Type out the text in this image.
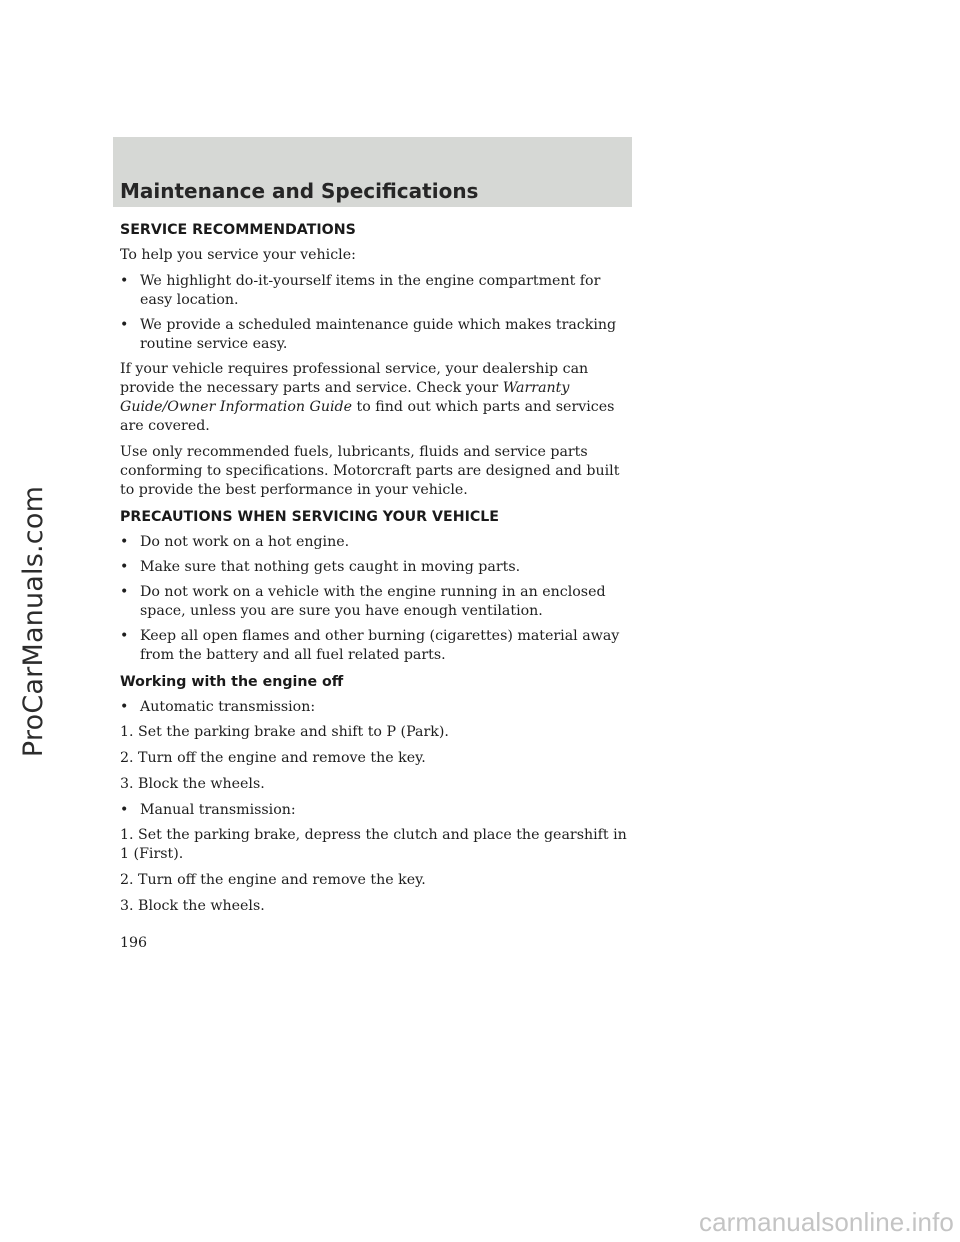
ProCarManuals.com
Maintenance and Specifications
SERVICE RECOMMENDATIONS

To help you service your vehicle:

• We highlight do-it-yourself items in the engine compartment for easy location.
• We provide a scheduled maintenance guide which makes tracking routine service easy.

If your vehicle requires professional service, your dealership can provide the necessary parts and service. Check your Warranty Guide/Owner Information Guide to find out which parts and services are covered.

Use only recommended fuels, lubricants, fluids and service parts conforming to specifications. Motorcraft parts are designed and built to provide the best performance in your vehicle.

PRECAUTIONS WHEN SERVICING YOUR VEHICLE
• Do not work on a hot engine.
• Make sure that nothing gets caught in moving parts.
• Do not work on a vehicle with the engine running in an enclosed space, unless you are sure you have enough ventilation.
• Keep all open flames and other burning (cigarettes) material away from the battery and all fuel related parts.
Working with the engine off
• Automatic transmission:

1. Set the parking brake and shift to P (Park).

2. Turn off the engine and remove the key.

3. Block the wheels.

• Manual transmission:

1. Set the parking brake, depress the clutch and place the gearshift in 1 (First).

2. Turn off the engine and remove the key.

3. Block the wheels.

196
carmanualsonline.info
